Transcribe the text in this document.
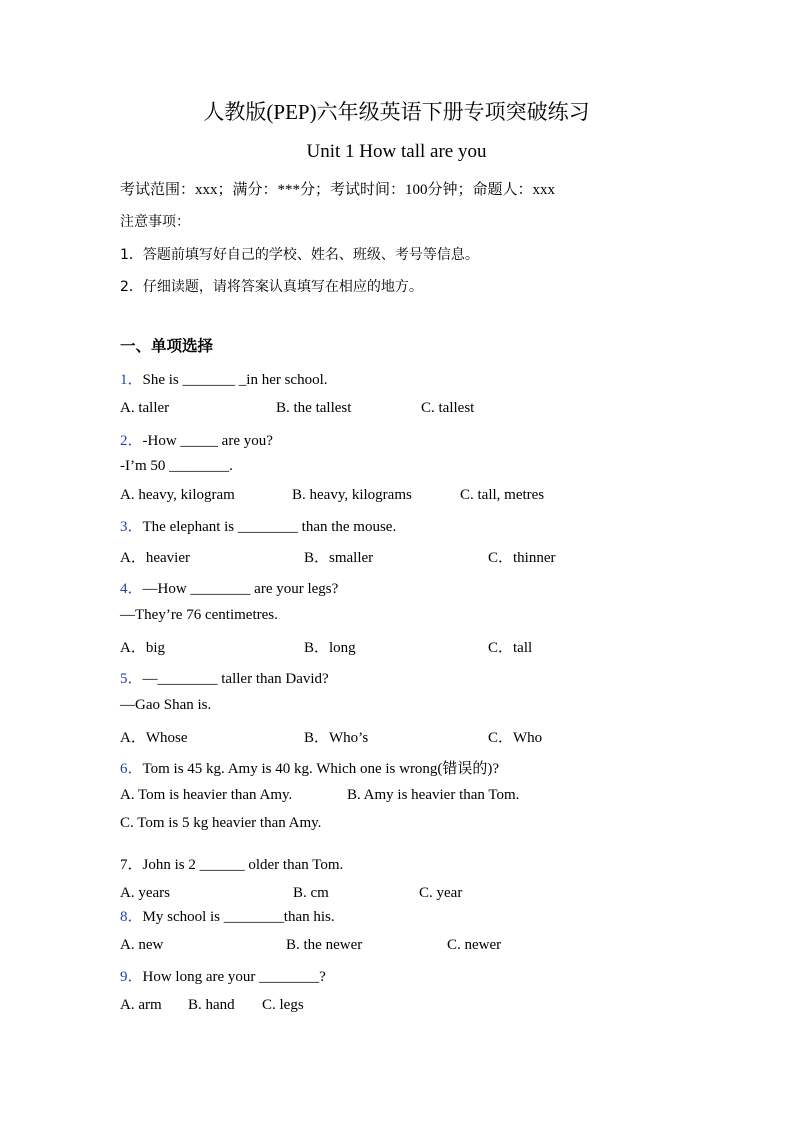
人教版(PEP)六年级英语下册专项突破练习
Unit 1 How tall are you
考试范围：xxx；满分：***分；考试时间：100分钟；命题人：xxx
注意事项：
1．答题前填写好自己的学校、姓名、班级、考号等信息。
2．仔细读题，请将答案认真填写在相应的地方。
一、单项选择
1．She is _______ _in her school.
A. taller	B. the tallest	C. tallest
2．-How _____ are you?
-I’m 50 ________.
A. heavy, kilogram	B. heavy, kilograms	C. tall, metres
3．The elephant is ________ than the mouse.
A．heavier	B．smaller	C．thinner
4．—How ________ are your legs?
—They’re 76 centimetres.
A．big	B．long	C．tall
5．—________ taller than David?
—Gao Shan is.
A．Whose	B．Who’s	C．Who
6．Tom is 45 kg. Amy is 40 kg. Which one is wrong(错误的)?
A. Tom is heavier than Amy.	B. Amy is heavier than Tom.
C. Tom is 5 kg heavier than Amy.
7．John is 2 ______ older than Tom.
A. years	B. cm	C. year
8．My school is ________than his.
A. new	B. the newer	C. newer
9．How long are your ________?
A. arm B. hand C. legs
